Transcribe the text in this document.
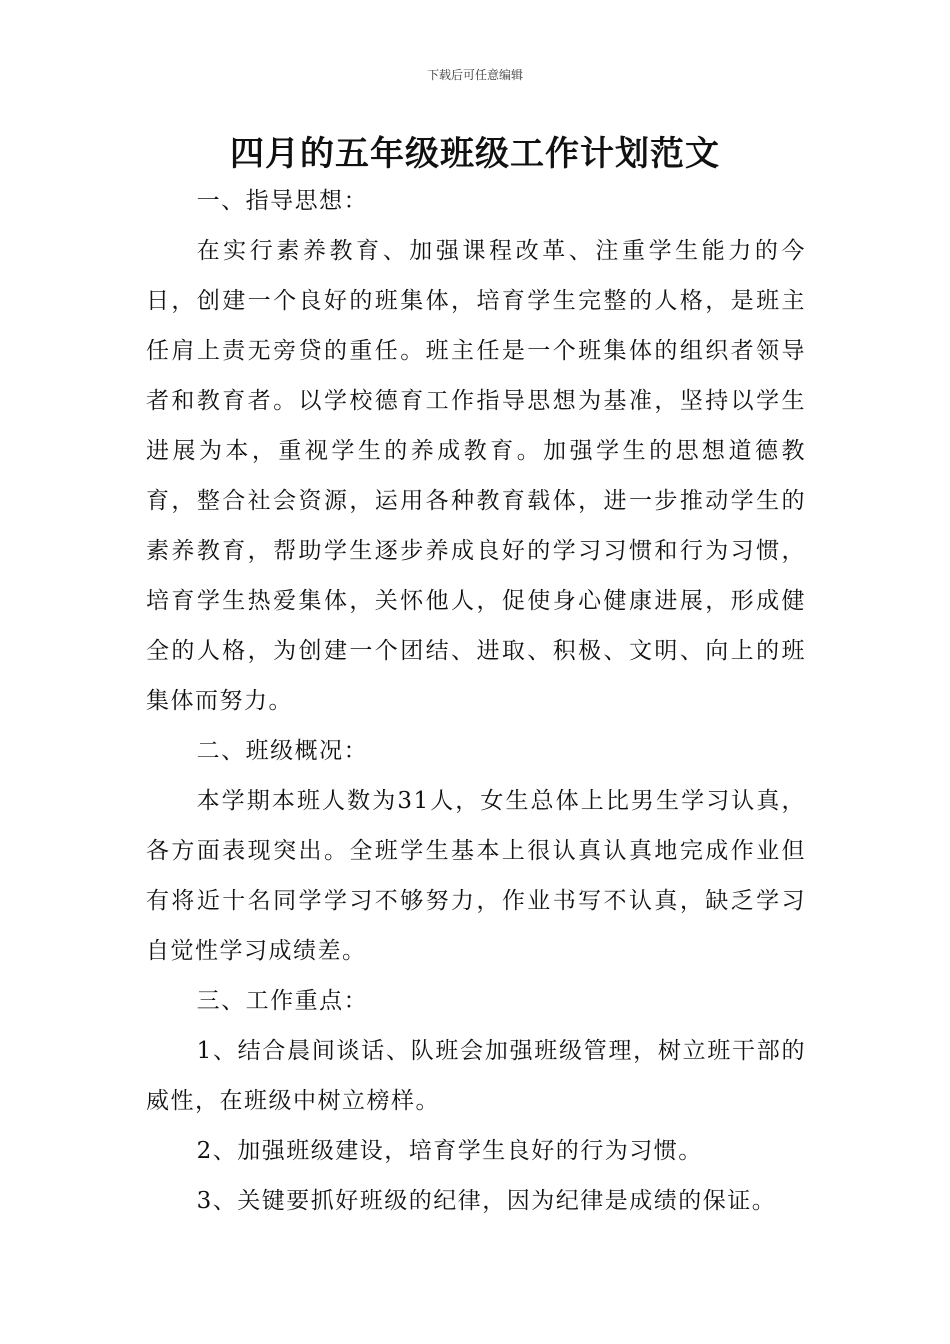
下载后可任意编辑
四月的五年级班级工作计划范文

一、指导思想：

在实行素养教育、加强课程改革、注重学生能力的今日，创建一个良好的班集体，培育学生完整的人格，是班主任肩上责无旁贷的重任。班主任是一个班集体的组织者领导者和教育者。以学校德育工作指导思想为基准，坚持以学生进展为本，重视学生的养成教育。加强学生的思想道德教育，整合社会资源，运用各种教育载体，进一步推动学生的素养教育，帮助学生逐步养成良好的学习习惯和行为习惯，培育学生热爱集体，关怀他人，促使身心健康进展，形成健全的人格，为创建一个团结、进取、积极、文明、向上的班集体而努力。

二、班级概况：

本学期本班人数为31人，女生总体上比男生学习认真，各方面表现突出。全班学生基本上很认真认真地完成作业但有将近十名同学学习不够努力，作业书写不认真，缺乏学习自觉性学习成绩差。

三、工作重点：

1、结合晨间谈话、队班会加强班级管理，树立班干部的威性，在班级中树立榜样。

2、加强班级建设，培育学生良好的行为习惯。

3、关键要抓好班级的纪律，因为纪律是成绩的保证。
